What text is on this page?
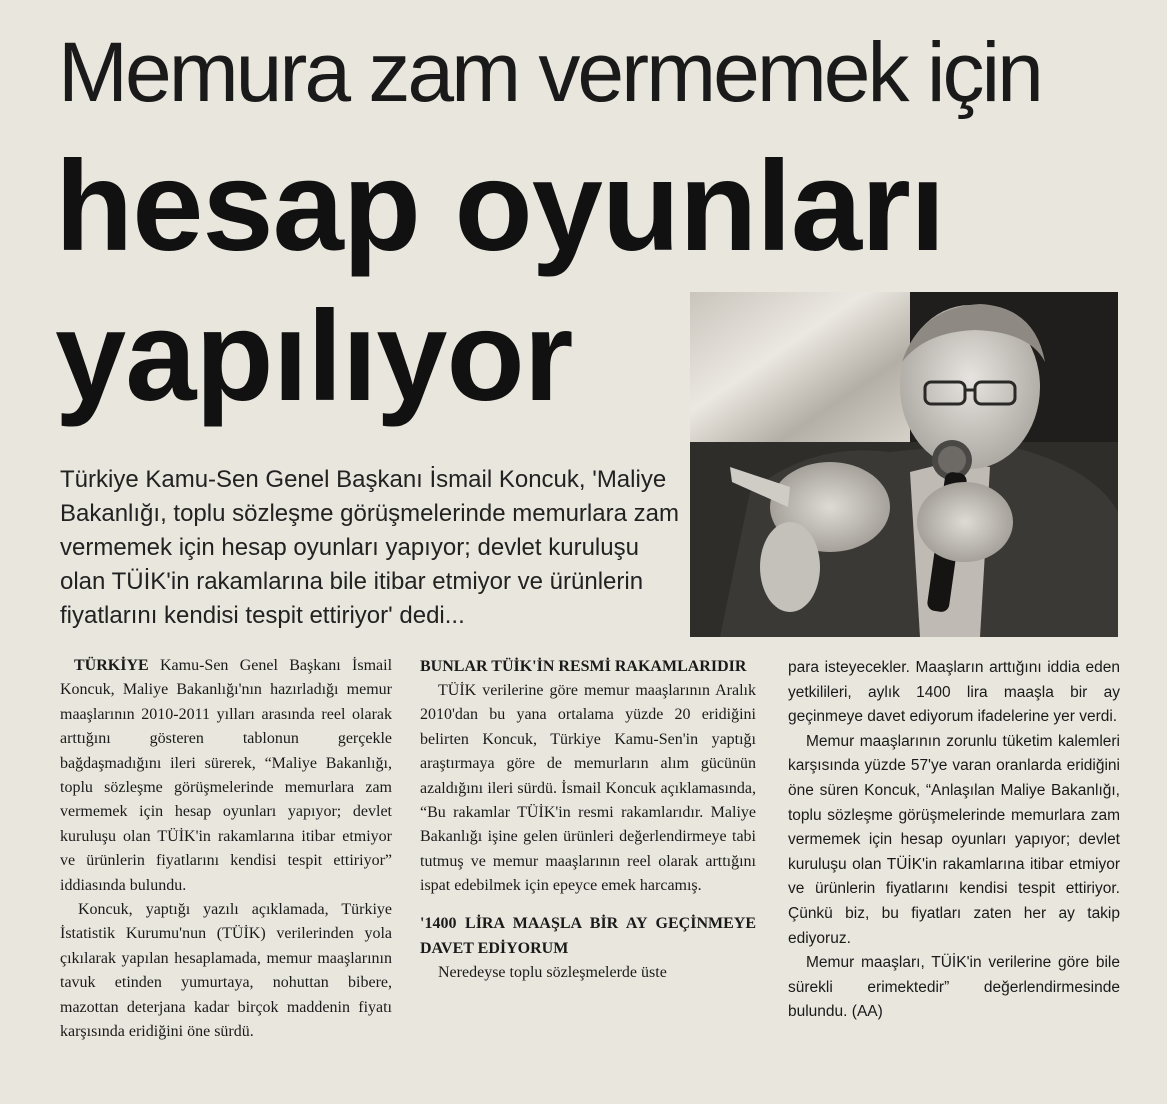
Memura zam vermemek için
hesap oyunları
yapılıyor

Türkiye Kamu-Sen Genel Başkanı İsmail Koncuk, 'Maliye Bakanlığı, toplu sözleşme görüşmelerinde memurlara zam vermemek için hesap oyunları yapıyor; devlet kuruluşu olan TÜİK'in rakamlarına bile itibar etmiyor ve ürünlerin fiyatlarını kendisi tespit ettiriyor' dedi...

TÜRKİYE Kamu-Sen Genel Başkanı İsmail Koncuk, Maliye Bakanlığı'nın hazırladığı memur maaşlarının 2010-2011 yılları arasında reel olarak arttığını gösteren tablonun gerçekle bağdaşmadığını ileri sürerek, “Maliye Bakanlığı, toplu sözleşme görüşmelerinde memurlara zam vermemek için hesap oyunları yapıyor; devlet kuruluşu olan TÜİK'in rakamlarına itibar etmiyor ve ürünlerin fiyatlarını kendisi tespit ettiriyor” iddiasında bulundu.

Koncuk, yaptığı yazılı açıklamada, Türkiye İstatistik Kurumu'nun (TÜİK) verilerinden yola çıkılarak yapılan hesaplamada, memur maaşlarının tavuk etinden yumurtaya, nohuttan bibere, mazottan deterjana kadar birçok maddenin fiyatı karşısında eridiğini öne sürdü.

BUNLAR TÜİK'İN RESMİ RAKAMLARIDIR

TÜİK verilerine göre memur maaşlarının Aralık 2010'dan bu yana ortalama yüzde 20 eridiğini belirten Koncuk, Türkiye Kamu-Sen'in yaptığı araştırmaya göre de memurların alım gücünün azaldığını ileri sürdü. İsmail Koncuk açıklamasında, “Bu rakamlar TÜİK'in resmi rakamlarıdır. Maliye Bakanlığı işine gelen ürünleri değerlendirmeye tabi tutmuş ve memur maaşlarının reel olarak arttığını ispat edebilmek için epeyce emek harcamış.

'1400 LİRA MAAŞLA BİR AY GEÇİNMEYE DAVET EDİYORUM

Neredeyse toplu sözleşmelerde üste

para isteyecekler. Maaşların arttığını iddia eden yetkilileri, aylık 1400 lira maaşla bir ay geçinmeye davet ediyorum ifadelerine yer verdi.

Memur maaşlarının zorunlu tüketim kalemleri karşısında yüzde 57'ye varan oranlarda eridiğini öne süren Koncuk, “Anlaşılan Maliye Bakanlığı, toplu sözleşme görüşmelerinde memurlara zam vermemek için hesap oyunları yapıyor; devlet kuruluşu olan TÜİK'in rakamlarına itibar etmiyor ve ürünlerin fiyatlarını kendisi tespit ettiriyor. Çünkü biz, bu fiyatları zaten her ay takip ediyoruz.

Memur maaşları, TÜİK'in verilerine göre bile sürekli erimektedir” değerlendirmesinde bulundu. (AA)
